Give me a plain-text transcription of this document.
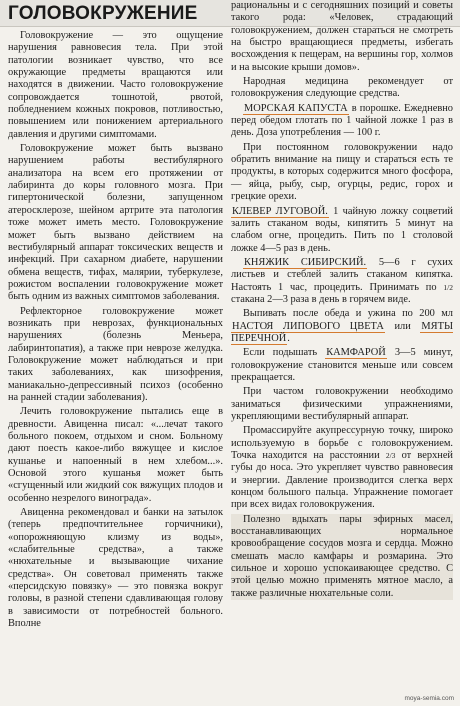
ГОЛОВОКРУЖЕНИЕ

Головокружение — это ощущение нарушения равновесия тела. При этой патологии возникает чувство, что все окружающие предметы вращаются или находятся в движении. Часто головокружение сопровождается тошнотой, рвотой, побледнением кожных покровов, потливостью, повышением или понижением артериального давления и другими симптомами.

Головокружение может быть вызвано нарушением работы вестибулярного анализатора на всем его протяжении от лабиринта до коры головного мозга. При гипертонической болезни, запущенном атеросклерозе, шейном артрите эта патология тоже может иметь место. Головокружение может быть вызвано действием на вестибулярный аппарат токсических веществ и инфекций. При сахарном диабете, нарушении обмена веществ, тифах, малярии, туберкулезе, рожистом воспалении головокружение может быть одним из важных симптомов заболевания.

Рефлекторное головокружение может возникать при неврозах, функциональных нарушениях (болезнь Меньера, лабиринтопатия), а также при неврозе желудка. Головокружение может наблюдаться и при таких заболеваниях, как шизофрения, маниакально-депрессивный психоз (особенно на ранней стадии заболевания).

Лечить головокружение пытались еще в древности. Авиценна писал: «...лечат такого больного покоем, отдыхом и сном. Больному дают поесть какое-либо вяжущее и кислое кушанье и напоенный в нем хлебом...». Основой этого кушанья может быть «сгущенный или жидкий сок вяжущих плодов и особенно незрелого винограда».

Авиценна рекомендовал и банки на затылок (теперь предпочтительнее горчичники), «опорожняющую клизму из воды», «слабительные средства», а также «нюхательные и вызывающие чихание средства». Он советовал применять также «персидскую повязку» — это повязка вокруг головы, в разной степени сдавливающая голову в зависимости от потребностей больного. Вполне

рациональны и с сегодняшних позиций и советы такого рода: «Человек, страдающий головокружением, должен стараться не смотреть на быстро вращающиеся предметы, избегать восхождения к пещерам, на вершины гор, холмов и на высокие крыши домов».

Народная медицина рекомендует от головокружения следующие средства.

МОРСКАЯ КАПУСТА в порошке. Ежедневно перед обедом глотать по 1 чайной ложке 1 раз в день. Доза употребления — 100 г.

При постоянном головокружении надо обратить внимание на пищу и стараться есть те продукты, в которых содержится много фосфора, — яйца, рыбу, сыр, огурцы, редис, горох и грецкие орехи.

КЛЕВЕР ЛУГОВОЙ. 1 чайную ложку соцветий залить стаканом воды, кипятить 5 минут на слабом огне, процедить. Пить по 1 столовой ложке 4—5 раз в день.

КНЯЖИК СИБИРСКИЙ. 5—6 г сухих листьев и стеблей залить стаканом кипятка. Настоять 1 час, процедить. Принимать по 1/2 стакана 2—3 раза в день в горячем виде.

Выпивать после обеда и ужина по 200 мл НАСТОЯ ЛИПОВОГО ЦВЕТА или МЯТЫ ПЕРЕЧНОЙ.

Если подышать КАМФАРОЙ 3—5 минут, головокружение становится меньше или совсем прекращается.

При частом головокружении необходимо заниматься физическими упражнениями, укрепляющими вестибулярный аппарат.

Промассируйте акупрессурную точку, широко используемую в борьбе с головокружением. Точка находится на расстоянии 2/3 от верхней губы до носа. Это укрепляет чувство равновесия и энергии. Давление производится слегка верх концом большого пальца. Упражнение помогает при всех видах головокружения.

Полезно вдыхать пары эфирных масел, восстанавливающих нормальное кровообращение сосудов мозга и сердца. Можно смешать масло камфары и розмарина. Это сильное и хорошо успокаивающее средство. С этой целью можно применять мятное масло, а также различные нюхательные соли.

moya-semia.com
